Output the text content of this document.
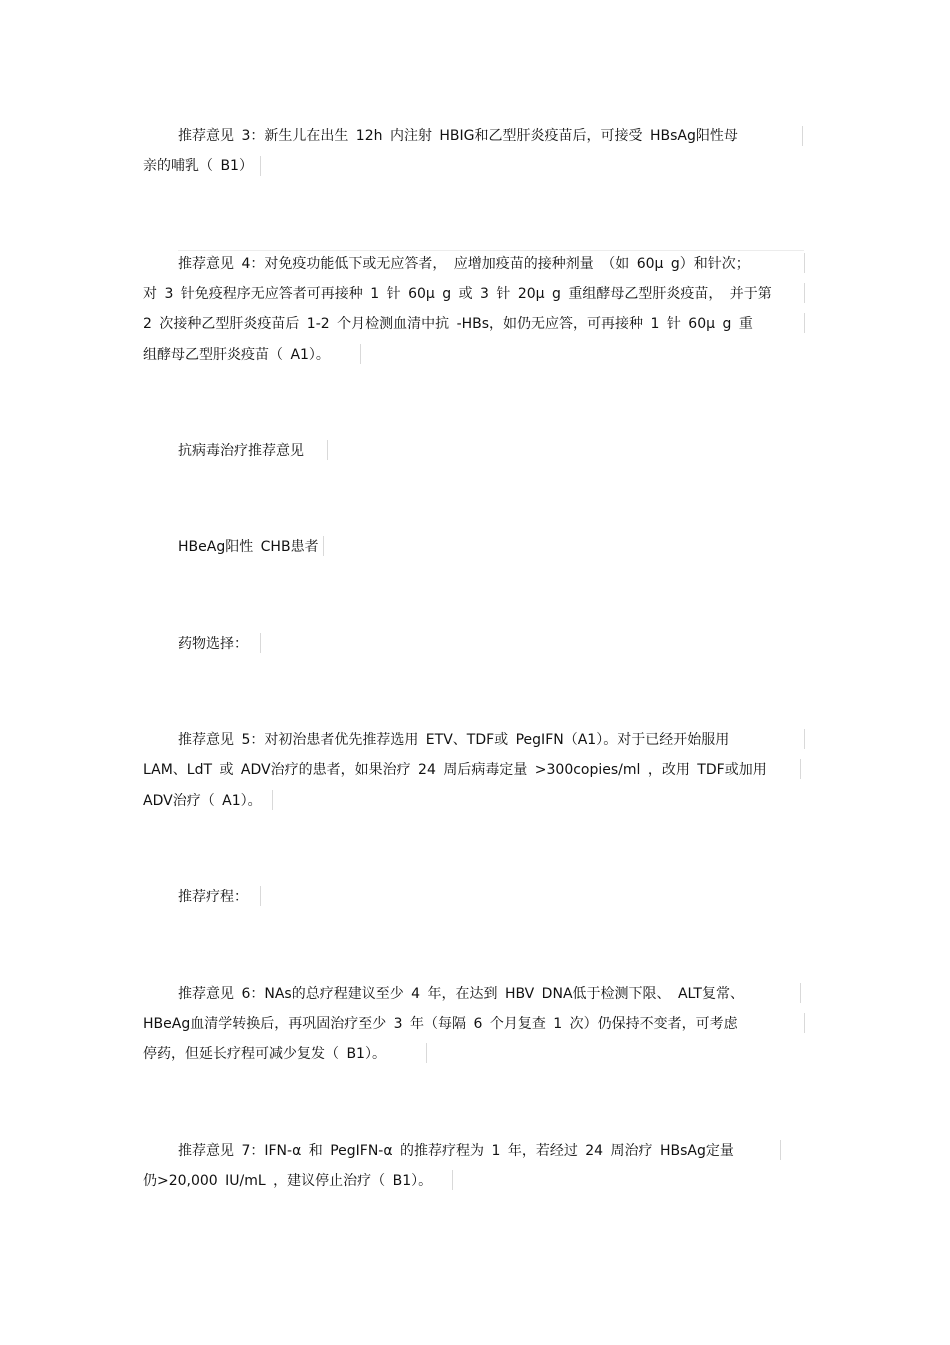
推荐意见 3：新生儿在出生 12h 内注射 HBIG和乙型肝炎疫苗后，可接受 HBsAg阳性母
亲的哺乳（ B1）
推荐意见 4：对免疫功能低下或无应答者， 应增加疫苗的接种剂量 （如 60μ g）和针次；
对 3 针免疫程序无应答者可再接种 1 针 60μ g 或 3 针 20μ g 重组酵母乙型肝炎疫苗， 并于第
2 次接种乙型肝炎疫苗后 1-2 个月检测血清中抗 -HBs，如仍无应答，可再接种 1 针 60μ g 重
组酵母乙型肝炎疫苗（ A1）。
抗病毒治疗推荐意见
HBeAg阳性 CHB患者
药物选择：
推荐意见 5：对初治患者优先推荐选用 ETV、TDF或 PegIFN（A1）。对于已经开始服用
LAM、LdT 或 ADV治疗的患者，如果治疗 24 周后病毒定量 >300copies/ml ，改用 TDF或加用
ADV治疗（ A1）。
推荐疗程：
推荐意见 6：NAs的总疗程建议至少 4 年，在达到 HBV DNA低于检测下限、 ALT复常、
HBeAg血清学转换后，再巩固治疗至少 3 年（每隔 6 个月复查 1 次）仍保持不变者，可考虑
停药，但延长疗程可减少复发（ B1）。
推荐意见 7：IFN-α 和 PegIFN-α 的推荐疗程为 1 年，若经过 24 周治疗 HBsAg定量
仍>20,000 IU/mL ，建议停止治疗（ B1）。
